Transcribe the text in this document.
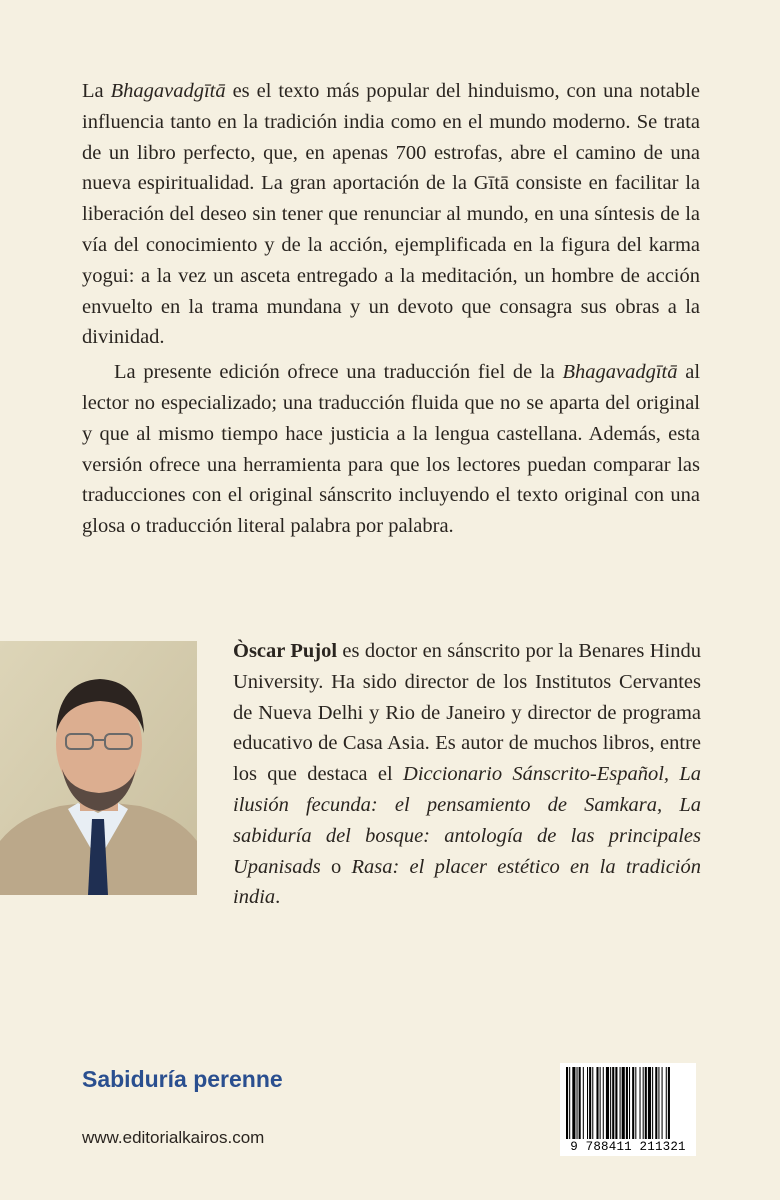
La Bhagavadgītā es el texto más popular del hinduismo, con una notable influencia tanto en la tradición india como en el mundo moderno. Se trata de un libro perfecto, que, en apenas 700 estrofas, abre el camino de una nueva espiritualidad. La gran aportación de la Gītā consiste en facilitar la liberación del deseo sin tener que renunciar al mundo, en una síntesis de la vía del conocimiento y de la acción, ejemplificada en la figura del karma yogui: a la vez un asceta entregado a la meditación, un hombre de acción envuelto en la trama mundana y un devoto que consagra sus obras a la divinidad.

La presente edición ofrece una traducción fiel de la Bhagavadgītā al lector no especializado; una traducción fluida que no se aparta del original y que al mismo tiempo hace justicia a la lengua castellana. Además, esta versión ofrece una herramienta para que los lectores puedan comparar las traducciones con el original sánscrito incluyendo el texto original con una glosa o traducción literal palabra por palabra.

Òscar Pujol es doctor en sánscrito por la Benares Hindu University. Ha sido director de los Institutos Cervantes de Nueva Delhi y Rio de Janeiro y director de programa educativo de Casa Asia. Es autor de muchos libros, entre los que destaca el Diccionario Sánscrito-Español, La ilusión fecunda: el pensamiento de Samkara, La sabiduría del bosque: antología de las principales Upanisads o Rasa: el placer estético en la tradición india.

Sabiduría perenne
www.editorialkairos.com	9 788411 211321
